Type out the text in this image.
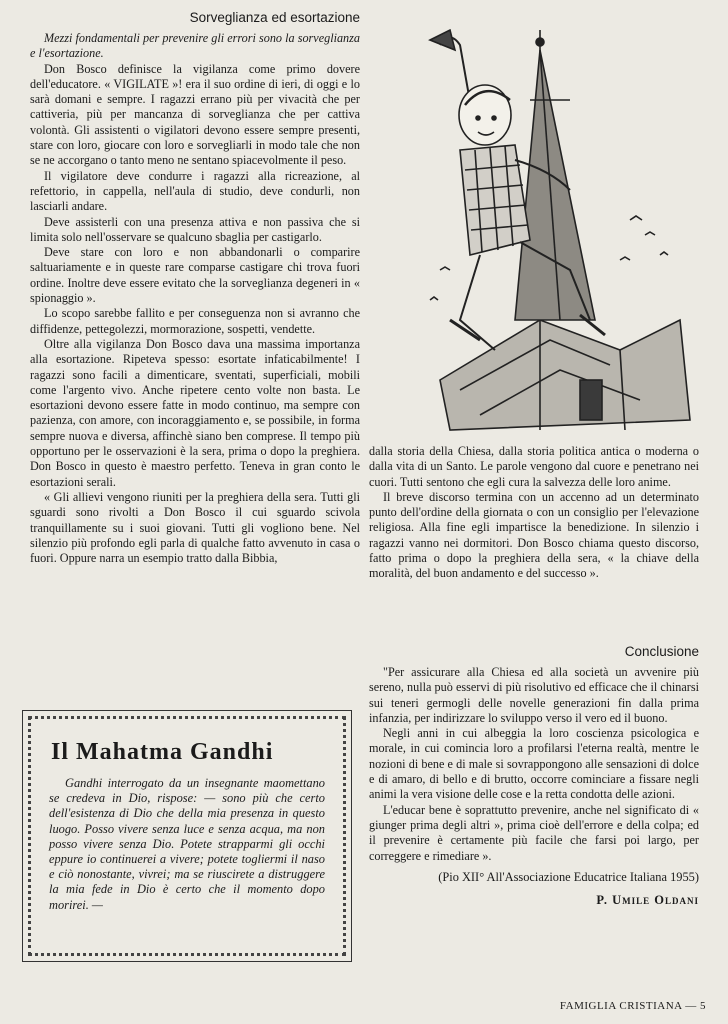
Sorveglianza ed esortazione

Mezzi fondamentali per prevenire gli errori sono la sorveglianza e l'esortazione.

Don Bosco definisce la vigilanza come primo dovere dell'educatore. « VIGILATE »! era il suo ordine di ieri, di oggi e lo sarà domani e sempre. I ragazzi errano più per vivacità che per cattiveria, più per mancanza di sorveglianza che per cattiva volontà. Gli assistenti o vigilatori devono essere sempre presenti, stare con loro, giocare con loro e sorvegliarli in modo tale che non se ne accorgano o tanto meno ne sentano spiacevolmente il peso.

Il vigilatore deve condurre i ragazzi alla ricreazione, al refettorio, in cappella, nell'aula di studio, deve condurli, non lasciarli andare.

Deve assisterli con una presenza attiva e non passiva che si limita solo nell'osservare se qualcuno sbaglia per castigarlo.

Deve stare con loro e non abbandonarli o comparire saltuariamente e in queste rare comparse castigare chi trova fuori ordine. Inoltre deve essere evitato che la sorveglianza degeneri in « spionaggio ».

Lo scopo sarebbe fallito e per conseguenza non si avranno che diffidenze, pettegolezzi, mormorazione, sospetti, vendette.

Oltre alla vigilanza Don Bosco dava una massima importanza alla esortazione. Ripeteva spesso: esortate infaticabilmente! I ragazzi sono facili a dimenticare, sventati, superficiali, mobili come l'argento vivo. Anche ripetere cento volte non basta. Le esortazioni devono essere fatte in modo continuo, ma sempre con pazienza, con amore, con incoraggiamento e, se possibile, in forma sempre nuova e diversa, affinchè siano ben comprese. Il tempo più opportuno per le osservazioni è la sera, prima o dopo la preghiera. Don Bosco in questo è maestro perfetto. Teneva in gran conto le esortazioni serali.

« Gli allievi vengono riuniti per la preghiera della sera. Tutti gli sguardi sono rivolti a Don Bosco il cui sguardo scivola tranquillamente su i suoi giovani. Tutti gli vogliono bene. Nel silenzio più profondo egli parla di qualche fatto avvenuto in casa o fuori. Oppure narra un esempio tratto dalla Bibbia,

dalla storia della Chiesa, dalla storia politica antica o moderna o dalla vita di un Santo. Le parole vengono dal cuore e penetrano nei cuori. Tutti sentono che egli cura la salvezza delle loro anime.

Il breve discorso termina con un accenno ad un determinato punto dell'ordine della giornata o con un consiglio per l'elevazione religiosa. Alla fine egli impartisce la benedizione. In silenzio i ragazzi vanno nei dormitori. Don Bosco chiama questo discorso, fatto prima o dopo la preghiera della sera, « la chiave della moralità, del buon andamento e del successo ».

Conclusione

"Per assicurare alla Chiesa ed alla società un avvenire più sereno, nulla può esservi di più risolutivo ed efficace che il chinarsi sui teneri germogli delle novelle generazioni fin dalla prima infanzia, per indirizzare lo sviluppo verso il vero ed il buono.

Negli anni in cui albeggia la loro coscienza psicologica e morale, in cui comincia loro a profilarsi l'eterna realtà, mentre le nozioni di bene e di male si sovrappongono alle sensazioni di dolce e di amaro, di bello e di brutto, occorre cominciare a fissare negli animi la vera visione delle cose e la retta condotta delle azioni.

L'educar bene è soprattutto prevenire, anche nel significato di « giunger prima degli altri », prima cioè dell'errore e della colpa; ed il prevenire è certamente più facile che farsi poi largo, per correggere e rimediare ».

(Pio XII° All'Associazione Educatrice Italiana 1955)
P. Umile Oldani
Il Mahatma Gandhi

Gandhi interrogato da un insegnante maomettano se credeva in Dio, rispose: — sono più che certo dell'esistenza di Dio che della mia presenza in questo luogo. Posso vivere senza luce e senza acqua, ma non posso vivere senza Dio. Potete strapparmi gli occhi eppure io continuerei a vivere; potete togliermi il naso e ciò nonostante, vivrei; ma se riuscirete a distruggere la mia fede in Dio è certo che il momento dopo morirei. —

FAMIGLIA CRISTIANA — 5
